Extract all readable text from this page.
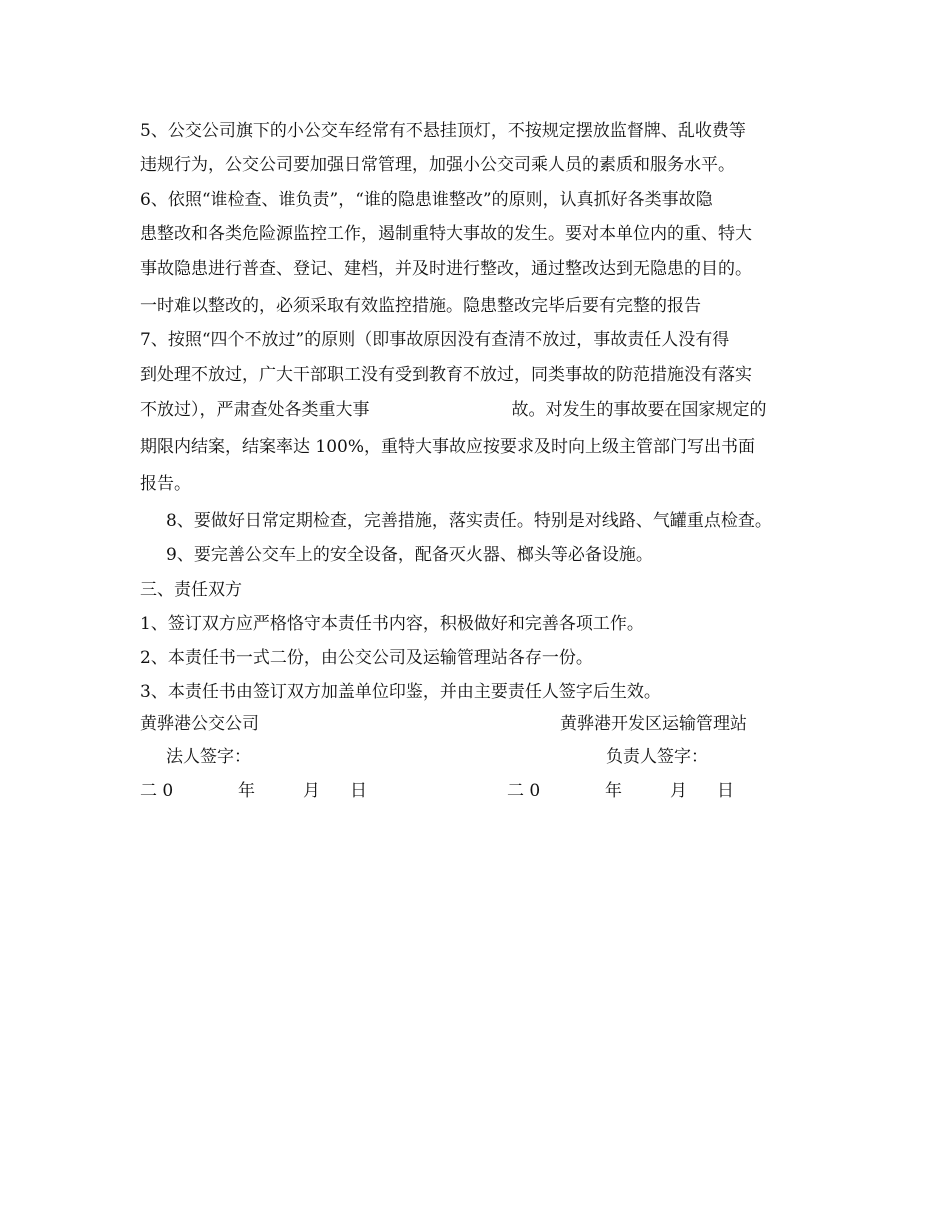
5、公交公司旗下的小公交车经常有不悬挂顶灯，不按规定摆放监督牌、乱收费等
违规行为，公交公司要加强日常管理，加强小公交司乘人员的素质和服务水平。
6、依照“谁检查、谁负责”，“谁的隐患谁整改”的原则，认真抓好各类事故隐
患整改和各类危险源监控工作，遏制重特大事故的发生。要对本单位内的重、特大
事故隐患进行普查、登记、建档，并及时进行整改，通过整改达到无隐患的目的。
一时难以整改的，必须采取有效监控措施。隐患整改完毕后要有完整的报告
7、按照“四个不放过”的原则（即事故原因没有查清不放过，事故责任人没有得
到处理不放过，广大干部职工没有受到教育不放过，同类事故的防范措施没有落实
不放过），严肃查处各类重大事	故。对发生的事故要在国家规定的
期限内结案，结案率达 100%，重特大事故应按要求及时向上级主管部门写出书面
报告。
8、要做好日常定期检查，完善措施，落实责任。特别是对线路、气罐重点检查。
9、要完善公交车上的安全设备，配备灭火器、榔头等必备设施。
三、责任双方
1、签订双方应严格恪守本责任书内容，积极做好和完善各项工作。
2、本责任书一式二份，由公交公司及运输管理站各存一份。
3、本责任书由签订双方加盖单位印鉴，并由主要责任人签字后生效。
黄骅港公交公司	黄骅港开发区运输管理站
法人签字：	负责人签字：
二 0	年	月 日	二 0	年	月 日
